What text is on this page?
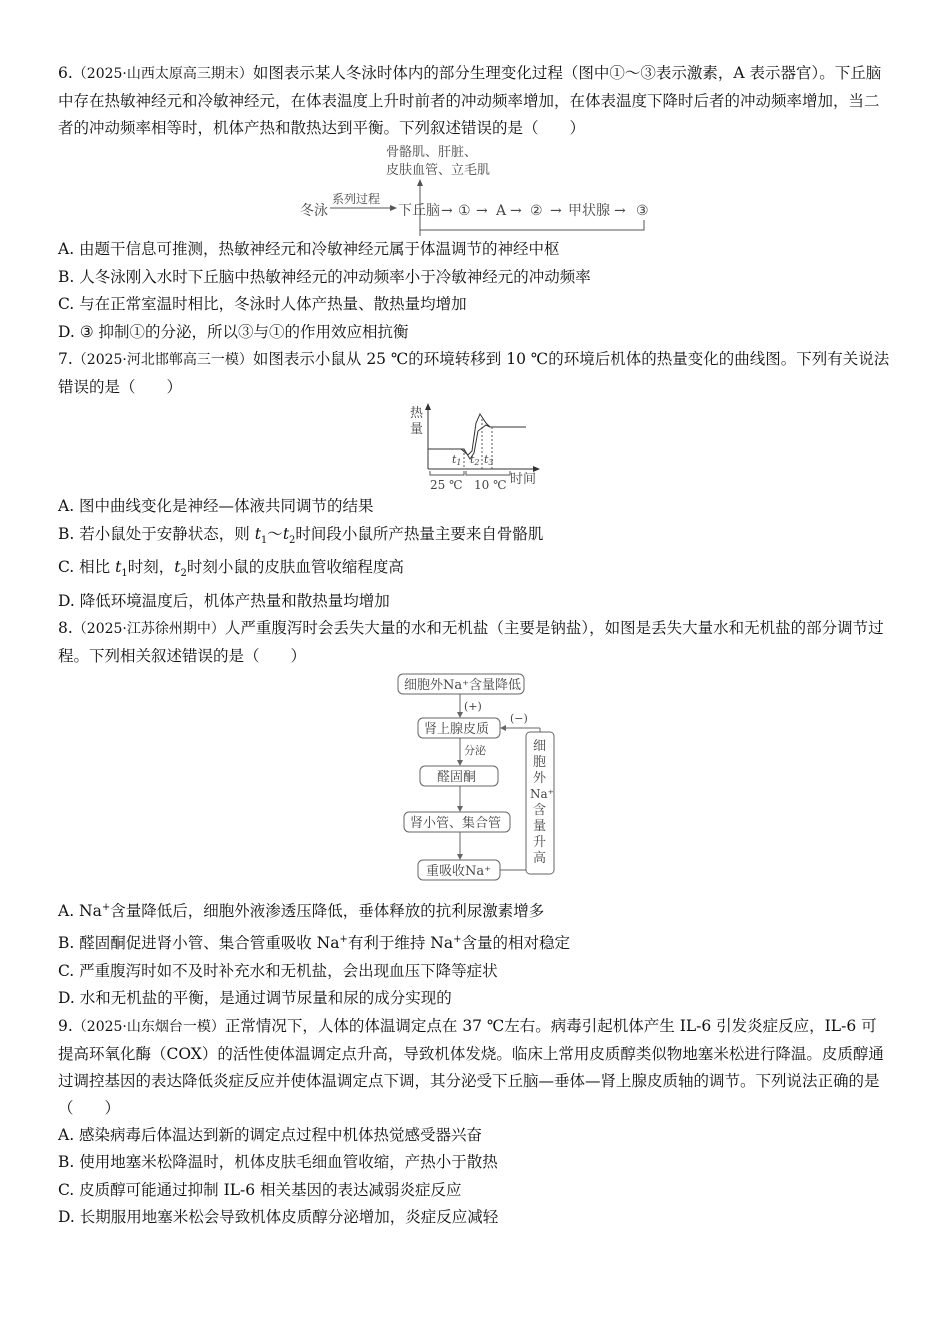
6.（2025·山西太原高三期末）如图表示某人冬泳时体内的部分生理变化过程（图中①～③表示激素，A 表示器官）。下丘脑中存在热敏神经元和冷敏神经元，在体表温度上升时前者的冲动频率增加，在体表温度下降时后者的冲动频率增加，当二者的冲动频率相等时，机体产热和散热达到平衡。下列叙述错误的是（　　）

骨骼肌、肝脏、
皮肤血管、立毛肌
冬泳
系列过程
下丘脑 → ① → A → ② → 甲状腺 → ③

A. 由题干信息可推测，热敏神经元和冷敏神经元属于体温调节的神经中枢

B. 人冬泳刚入水时下丘脑中热敏神经元的冲动频率小于冷敏神经元的冲动频率

C. 与在正常室温时相比，冬泳时人体产热量、散热量均增加

D. ③ 抑制①的分泌，所以③与①的作用效应相抗衡

7.（2025·河北邯郸高三一模）如图表示小鼠从 25 ℃的环境转移到 10 ℃的环境后机体的热量变化的曲线图。下列有关说法错误的是（　　）

热
量
时间
t1 t2 t3
25 ℃ 10 ℃

A. 图中曲线变化是神经—体液共同调节的结果

B. 若小鼠处于安静状态，则 $t_1\sim t_2$时间段小鼠所产热量主要来自骨骼肌

C. 相比 $t_1$时刻，$t_2$时刻小鼠的皮肤血管收缩程度高

D. 降低环境温度后，机体产热量和散热量均增加

8.（2025·江苏徐州期中）人严重腹泻时会丢失大量的水和无机盐（主要是钠盐），如图是丢失大量水和无机盐的部分调节过程。下列相关叙述错误的是（　　）

细胞外Na⁺含量降低
(+)
肾上腺皮质
(−)
分泌
醛固酮
肾小管、集合管
重吸收Na⁺
细
胞
外
Na⁺
含
量
升
高

A. Na+含量降低后，细胞外液渗透压降低，垂体释放的抗利尿激素增多

B. 醛固酮促进肾小管、集合管重吸收 Na+有利于维持 Na+含量的相对稳定

C. 严重腹泻时如不及时补充水和无机盐，会出现血压下降等症状

D. 水和无机盐的平衡，是通过调节尿量和尿的成分实现的

9.（2025·山东烟台一模）正常情况下，人体的体温调定点在 37 ℃左右。病毒引起机体产生 IL-6 引发炎症反应，IL-6 可提高环氧化酶（COX）的活性使体温调定点升高，导致机体发烧。临床上常用皮质醇类似物地塞米松进行降温。皮质醇通过调控基因的表达降低炎症反应并使体温调定点下调，其分泌受下丘脑—垂体—肾上腺皮质轴的调节。下列说法正确的是（　　）

A. 感染病毒后体温达到新的调定点过程中机体热觉感受器兴奋

B. 使用地塞米松降温时，机体皮肤毛细血管收缩，产热小于散热

C. 皮质醇可能通过抑制 IL-6 相关基因的表达减弱炎症反应

D. 长期服用地塞米松会导致机体皮质醇分泌增加，炎症反应减轻
